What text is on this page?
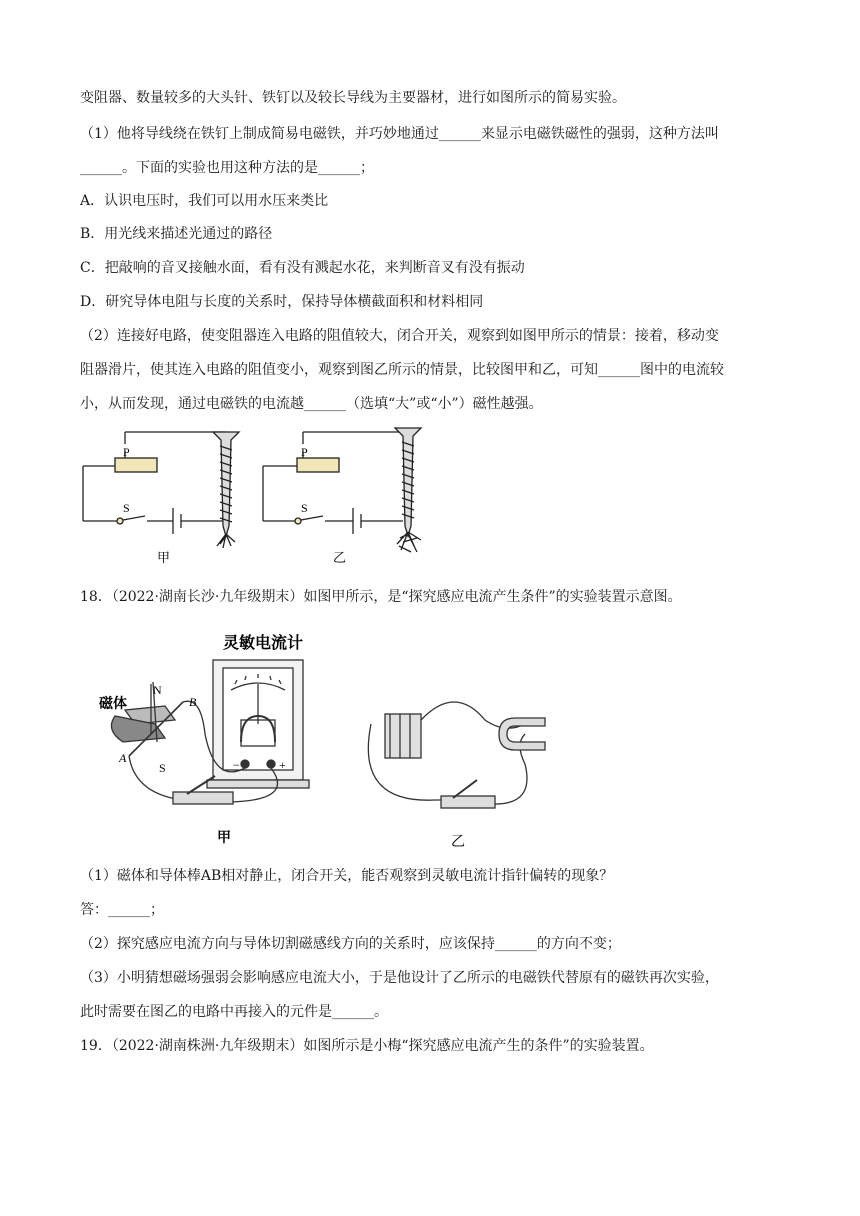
变阻器、数量较多的大头针、铁钉以及较长导线为主要器材，进行如图所示的简易实验。
（1）他将导线绕在铁钉上制成简易电磁铁，并巧妙地通过______来显示电磁铁磁性的强弱，这种方法叫
______。下面的实验也用这种方法的是______；
A．认识电压时，我们可以用水压来类比
B．用光线来描述光通过的路径
C．把敲响的音叉接触水面，看有没有溅起水花，来判断音叉有没有振动
D．研究导体电阻与长度的关系时，保持导体横截面积和材料相同
（2）连接好电路，使变阻器连入电路的阻值较大，闭合开关，观察到如图甲所示的情景：接着，移动变
阻器滑片，使其连入电路的阻值变小，观察到图乙所示的情景，比较图甲和乙，可知______图中的电流较
小，从而发现，通过电磁铁的电流越______（选填“大”或“小”）磁性越强。
P	P
S	S
甲	乙
18．（2022·湖南长沙·九年级期末）如图甲所示，是“探究感应电流产生条件”的实验装置示意图。
灵敏电流计
磁体
N
S
A
B
−	+
甲	乙
（1）磁体和导体棒AB相对静止，闭合开关，能否观察到灵敏电流计指针偏转的现象？
答：______；
（2）探究感应电流方向与导体切割磁感线方向的关系时，应该保持______的方向不变；
（3）小明猜想磁场强弱会影响感应电流大小，于是他设计了乙所示的电磁铁代替原有的磁铁再次实验，
此时需要在图乙的电路中再接入的元件是______。
19．（2022·湖南株洲·九年级期末）如图所示是小梅“探究感应电流产生的条件”的实验装置。
